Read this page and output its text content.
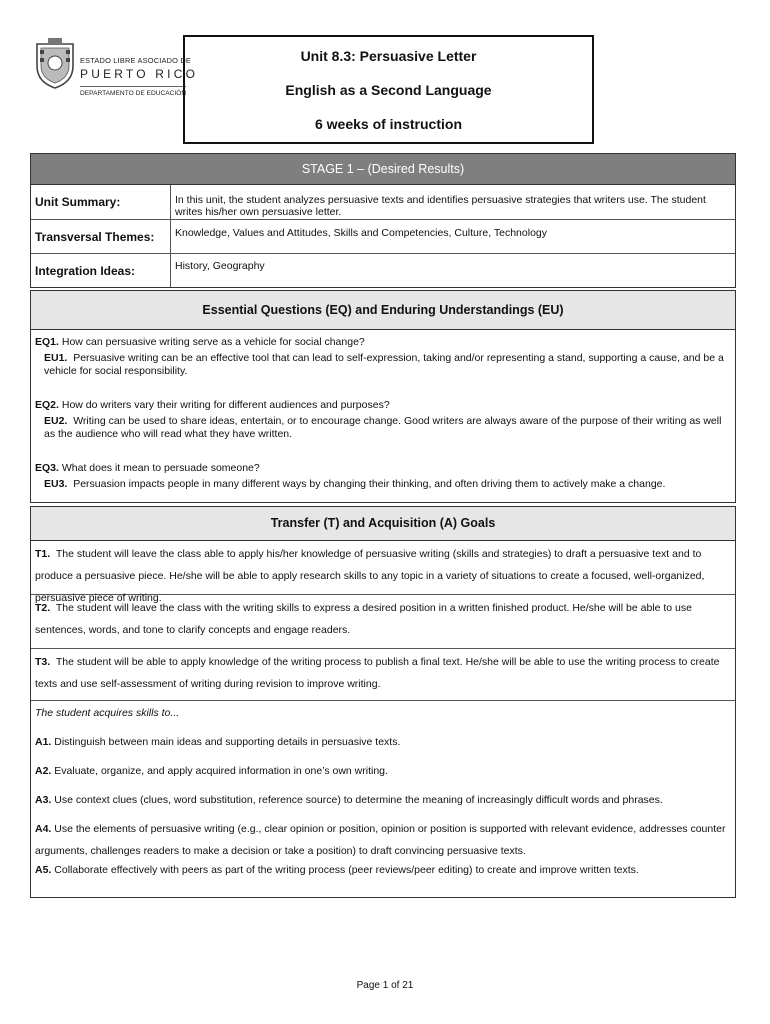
ESTADO LIBRE ASOCIADO DE
PUERTO RICO
DEPARTAMENTO DE EDUCACIÓN
Unit 8.3: Persuasive Letter
English as a Second Language
6 weeks of instruction
STAGE 1 – (Desired Results)
Unit Summary:	In this unit, the student analyzes persuasive texts and identifies persuasive strategies that writers use. The student writes his/her own persuasive letter.
Transversal Themes:	Knowledge, Values and Attitudes, Skills and Competencies, Culture, Technology
Integration Ideas:	History, Geography
Essential Questions (EQ) and Enduring Understandings (EU)
EQ1. How can persuasive writing serve as a vehicle for social change?
EU1. Persuasive writing can be an effective tool that can lead to self-expression, taking and/or representing a stand, supporting a cause, and be a vehicle for social responsibility.
EQ2. How do writers vary their writing for different audiences and purposes?
EU2. Writing can be used to share ideas, entertain, or to encourage change. Good writers are always aware of the purpose of their writing as well as the audience who will read what they have written.
EQ3. What does it mean to persuade someone?
EU3. Persuasion impacts people in many different ways by changing their thinking, and often driving them to actively make a change.
Transfer (T) and Acquisition (A) Goals
T1. The student will leave the class able to apply his/her knowledge of persuasive writing (skills and strategies) to draft a persuasive text and to produce a persuasive piece. He/she will be able to apply research skills to any topic in a variety of situations to create a focused, well-organized, persuasive piece of writing.
T2. The student will leave the class with the writing skills to express a desired position in a written finished product. He/she will be able to use sentences, words, and tone to clarify concepts and engage readers.
T3. The student will be able to apply knowledge of the writing process to publish a final text. He/she will be able to use the writing process to create texts and use self-assessment of writing during revision to improve writing.
The student acquires skills to...
A1. Distinguish between main ideas and supporting details in persuasive texts.
A2. Evaluate, organize, and apply acquired information in one’s own writing.
A3. Use context clues (clues, word substitution, reference source) to determine the meaning of increasingly difficult words and phrases.
A4. Use the elements of persuasive writing (e.g., clear opinion or position, opinion or position is supported with relevant evidence, addresses counter arguments, challenges readers to make a decision or take a position) to draft convincing persuasive texts.
A5. Collaborate effectively with peers as part of the writing process (peer reviews/peer editing) to create and improve written texts.
Page 1 of 21
